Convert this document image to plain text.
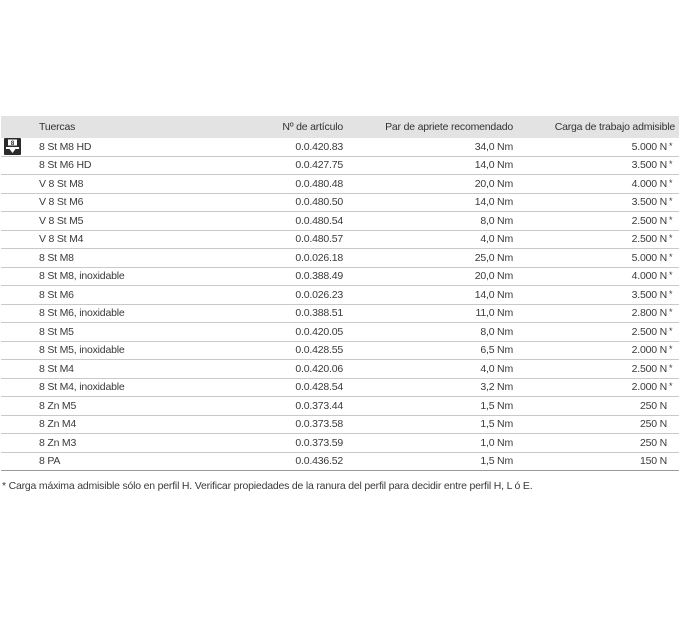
	Tuercas	Nº de artículo	Par de apriete recomendado	Carga de trabajo admisible

8	8 St M8 HD	0.0.420.83	34,0 Nm	5.000 N *
	8 St M6 HD	0.0.427.75	14,0 Nm	3.500 N *
	V 8 St M8	0.0.480.48	20,0 Nm	4.000 N *
	V 8 St M6	0.0.480.50	14,0 Nm	3.500 N *
	V 8 St M5	0.0.480.54	8,0 Nm	2.500 N *
	V 8 St M4	0.0.480.57	4,0 Nm	2.500 N *
	8 St M8	0.0.026.18	25,0 Nm	5.000 N *
	8 St M8, inoxidable	0.0.388.49	20,0 Nm	4.000 N *
	8 St M6	0.0.026.23	14,0 Nm	3.500 N *
	8 St M6, inoxidable	0.0.388.51	11,0 Nm	2.800 N *
	8 St M5	0.0.420.05	8,0 Nm	2.500 N *
	8 St M5, inoxidable	0.0.428.55	6,5 Nm	2.000 N *
	8 St M4	0.0.420.06	4,0 Nm	2.500 N *
	8 St M4, inoxidable	0.0.428.54	3,2 Nm	2.000 N *
	8 Zn M5	0.0.373.44	1,5 Nm	250 N
	8 Zn M4	0.0.373.58	1,5 Nm	250 N
	8 Zn M3	0.0.373.59	1,0 Nm	250 N
	8 PA	0.0.436.52	1,5 Nm	150 N

* Carga máxima admisible sólo en perfil H. Verificar propiedades de la ranura del perfil para decidir entre perfil H, L ó E.
